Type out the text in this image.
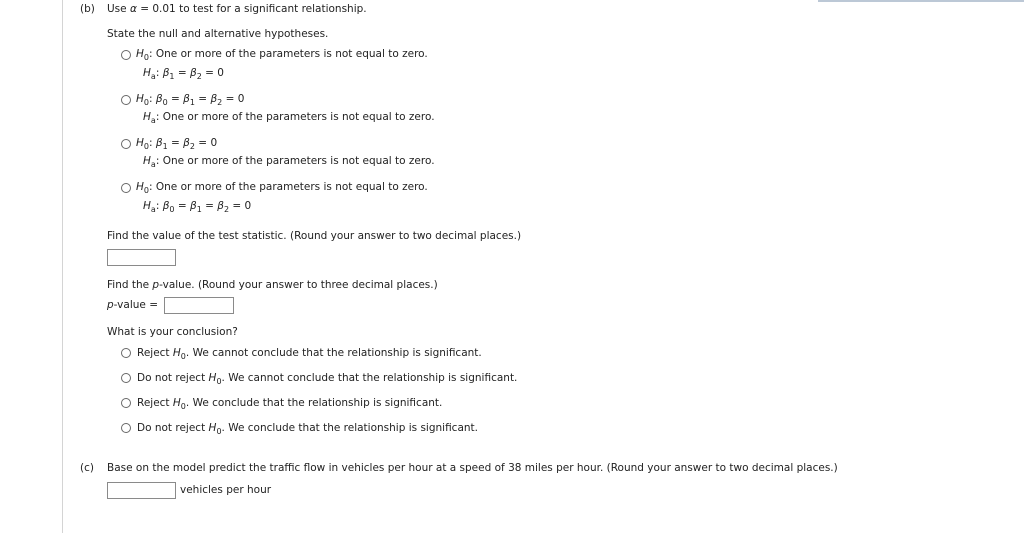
(b) Use α = 0.01 to test for a significant relationship.
State the null and alternative hypotheses.
$H_0$: One or more of the parameters is not equal to zero.
$H_a$: $\beta_1 = \beta_2 = 0$
$H_0$: $\beta_0 = \beta_1 = \beta_2 = 0$
$H_a$: One or more of the parameters is not equal to zero.
$H_0$: $\beta_1 = \beta_2 = 0$
$H_a$: One or more of the parameters is not equal to zero.
$H_0$: One or more of the parameters is not equal to zero.
$H_a$: $\beta_0 = \beta_1 = \beta_2 = 0$
Find the value of the test statistic. (Round your answer to two decimal places.)
Find the p-value. (Round your answer to three decimal places.)
p-value =
What is your conclusion?
Reject $H_0$. We cannot conclude that the relationship is significant.
Do not reject $H_0$. We cannot conclude that the relationship is significant.
Reject $H_0$. We conclude that the relationship is significant.
Do not reject $H_0$. We conclude that the relationship is significant.
(c) Base on the model predict the traffic flow in vehicles per hour at a speed of 38 miles per hour. (Round your answer to two decimal places.)
vehicles per hour
